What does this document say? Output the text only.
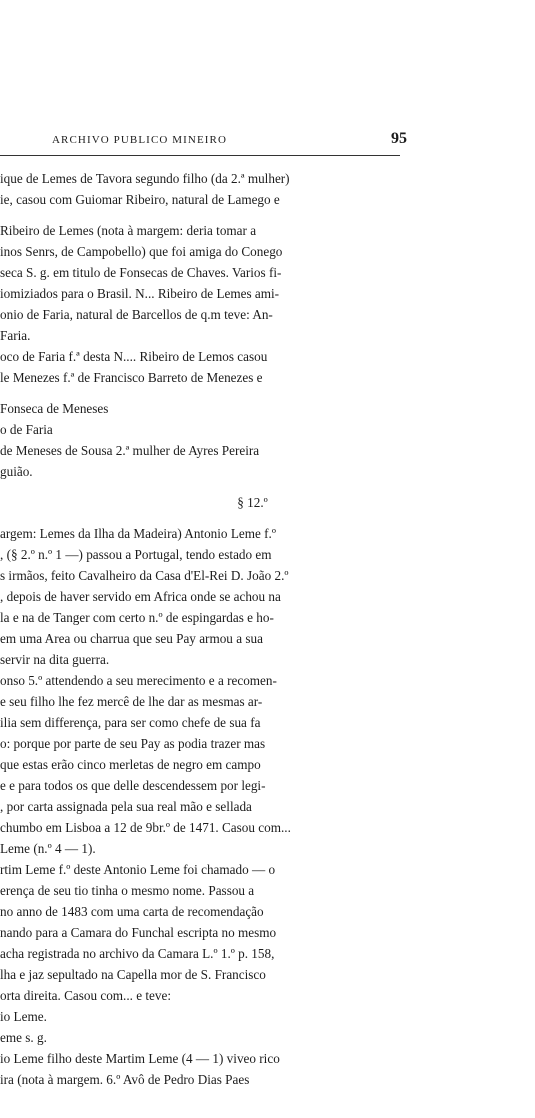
ARCHIVO PUBLICO MINEIRO	95
ique de Lemes de Tavora segundo filho (da 2.ª mulher)
ie, casou com Guiomar Ribeiro, natural de Lamego e
Ribeiro de Lemes (nota à margem: deria tomar a
inos Senrs, de Campobello) que foi amiga do Conego
seca S. g. em titulo de Fonsecas de Chaves. Varios fi-
iomiziados para o Brasil. N... Ribeiro de Lemes ami-
onio de Faria, natural de Barcellos de q.m teve: An-
Faria.
oco de Faria f.ª desta N.... Ribeiro de Lemos casou
le Menezes f.ª de Francisco Barreto de Menezes e
Fonseca de Meneses
o de Faria
de Meneses de Sousa 2.ª mulher de Ayres Pereira
guião.
§ 12.º
argem: Lemes da Ilha da Madeira) Antonio Leme f.º
, (§ 2.º n.º 1 —) passou a Portugal, tendo estado em
s irmãos, feito Cavalheiro da Casa d'El-Rei D. João 2.º
, depois de haver servido em Africa onde se achou na
la e na de Tanger com certo n.º de espingardas e ho-
em uma Area ou charrua que seu Pay armou a sua
servir na dita guerra.
onso 5.º attendendo a seu merecimento e a recomen-
e seu filho lhe fez mercê de lhe dar as mesmas ar-
ilia sem differença, para ser como chefe de sua fa
o: porque por parte de seu Pay as podia trazer mas
que estas erão cinco merletas de negro em campo
e e para todos os que delle descendessem por legi-
, por carta assignada pela sua real mão e sellada
chumbo em Lisboa a 12 de 9br.º de 1471. Casou com...
Leme (n.º 4 — 1).
rtim Leme f.º deste Antonio Leme foi chamado — o
erença de seu tio tinha o mesmo nome. Passou a
no anno de 1483 com uma carta de recomendação
nando para a Camara do Funchal escripta no mesmo
acha registrada no archivo da Camara L.º 1.º p. 158,
lha e jaz sepultado na Capella mor de S. Francisco
orta direita. Casou com... e teve:
io Leme.
eme s. g.
io Leme filho deste Martim Leme (4 — 1) viveo rico
ira (nota à margem. 6.º Avô de Pedro Dias Paes
